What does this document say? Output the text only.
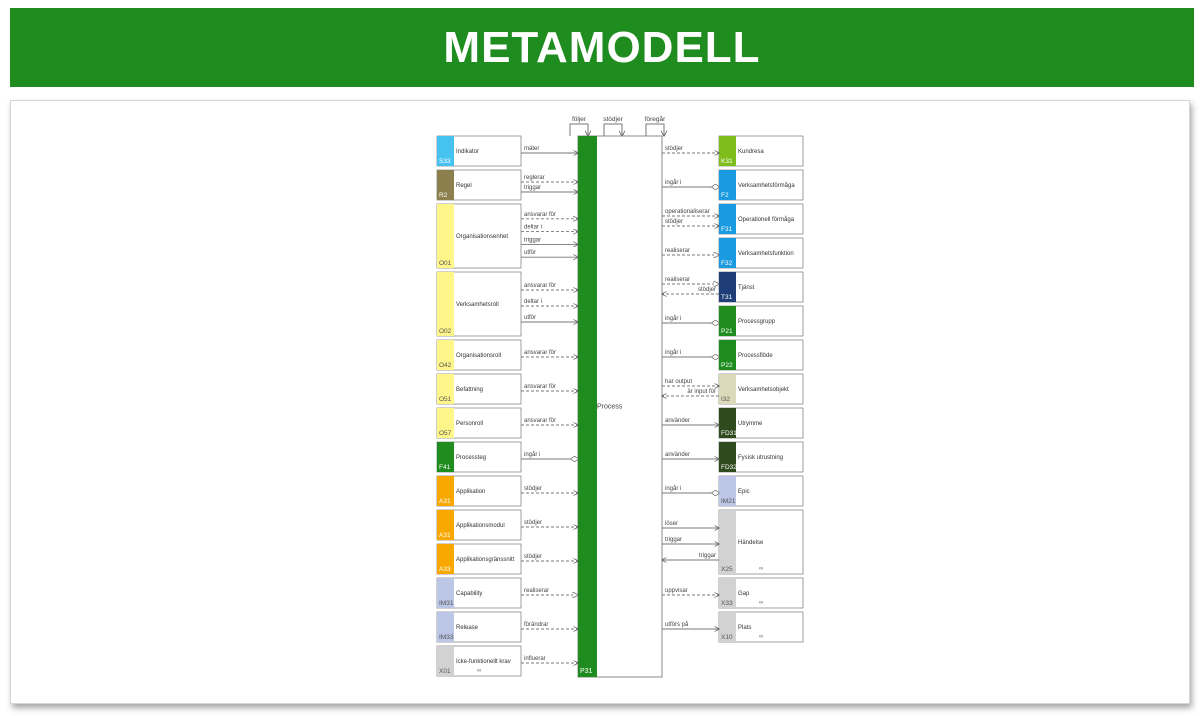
METAMODELL
följer	stödjer	föregår
Process
P31
Indikator
S33
mäter
Regel
R2
reglerar
triggar
Organisationsenhet
O01
ansvarar för
deltar i
triggar
utför
Verksamhetsroll
O02
ansvarar för
deltar i
utför
Organisationsroll
O42
ansvarar för
Befattning
O51
ansvarar för
Personroll
O57
ansvarar för
Processteg
F41
ingår i
Applikation
A31
stödjer
Applikationsmodul
A31
stödjer
Applikationsgränssnitt
A33
stödjer
Capability
IM31
realiserar
Release
IM33
förändrar
Icke-funktionellt krav
X01	∞
influerar
Kundresa
K31
stödjer
Verksamhetsförmåga
F2
ingår i
Operationell förmåga
F31
operationaliserar
stödjer
Verksamhetsfunktion
F32
realiserar
Tjänst
T31
realiserar
stödjer
Processgrupp
P21
ingår i
Processflöde
P22
ingår i
Verksamhetsobjekt
I32
har output
är input för
Utrymme
FD31
använder
Fysisk utrustning
FD32
använder
Epic
IM21
ingår i
Händelse
X25	∞
löser
triggar
triggar
Gap
X33	∞
uppvisar
Plats
X10	∞
utförs på
